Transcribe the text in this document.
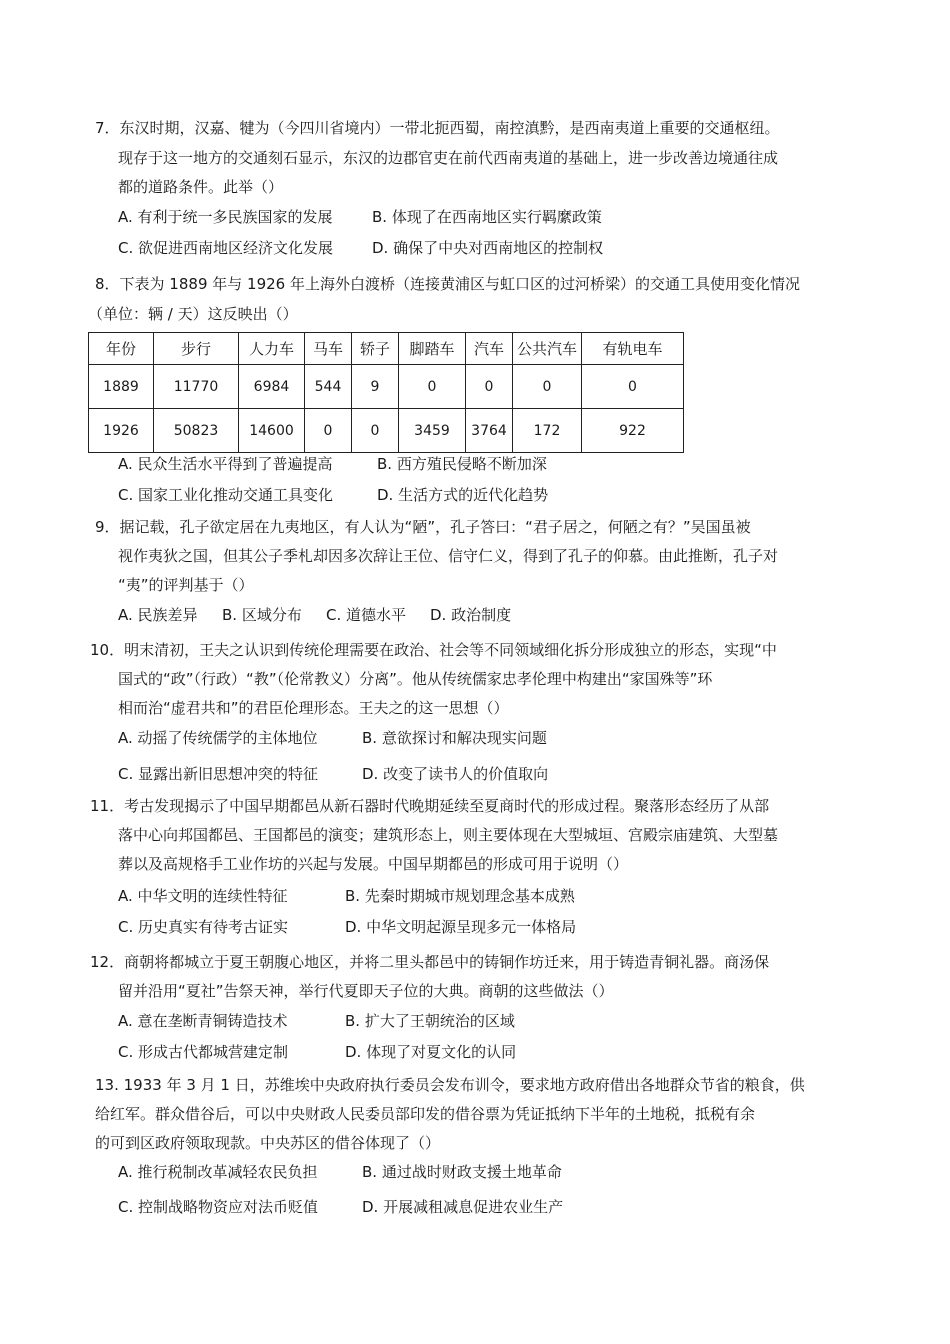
7．东汉时期，汉嘉、犍为（今四川省境内）一带北扼西蜀，南控滇黔，是西南夷道上重要的交通枢纽。
现存于这一地方的交通刻石显示，东汉的边郡官吏在前代西南夷道的基础上，进一步改善边境通往成
都的道路条件。此举（）
A. 有利于统一多民族国家的发展	B. 体现了在西南地区实行羁縻政策
C. 欲促进西南地区经济文化发展	D. 确保了中央对西南地区的控制权
8．下表为 1889 年与 1926 年上海外白渡桥（连接黄浦区与虹口区的过河桥梁）的交通工具使用变化情况
（单位：辆 / 天）这反映出（）
年份	步行	人力车	马车	轿子	脚踏车	汽车	公共汽车	有轨电车
1889	11770	6984	544	9	0	0	0	0
1926	50823	14600	0	0	3459	3764	172	922
A. 民众生活水平得到了普遍提高	B. 西方殖民侵略不断加深
C. 国家工业化推动交通工具变化	D. 生活方式的近代化趋势
9．据记载，孔子欲定居在九夷地区，有人认为“陋”，孔子答曰：“君子居之，何陋之有？”吴国虽被
视作夷狄之国，但其公子季札却因多次辞让王位、信守仁义，得到了孔子的仰慕。由此推断，孔子对
“夷”的评判基于（）
A. 民族差异 B. 区域分布 C. 道德水平 D. 政治制度
10．明末清初，王夫之认识到传统伦理需要在政治、社会等不同领域细化拆分形成独立的形态，实现“中
国式的“政”（行政）“教”（伦常教义）分离”。他从传统儒家忠孝伦理中构建出“家国殊等”环
相而治“虚君共和”的君臣伦理形态。王夫之的这一思想（）
A. 动摇了传统儒学的主体地位	B. 意欲探讨和解决现实问题
C. 显露出新旧思想冲突的特征	D. 改变了读书人的价值取向
11．考古发现揭示了中国早期都邑从新石器时代晚期延续至夏商时代的形成过程。聚落形态经历了从部
落中心向邦国都邑、王国都邑的演变；建筑形态上，则主要体现在大型城垣、宫殿宗庙建筑、大型墓
葬以及高规格手工业作坊的兴起与发展。中国早期都邑的形成可用于说明（）
A. 中华文明的连续性特征	B. 先秦时期城市规划理念基本成熟
C. 历史真实有待考古证实	D. 中华文明起源呈现多元一体格局
12．商朝将都城立于夏王朝腹心地区，并将二里头都邑中的铸铜作坊迁来，用于铸造青铜礼器。商汤保
留并沿用“夏社”告祭天神，举行代夏即天子位的大典。商朝的这些做法（）
A. 意在垄断青铜铸造技术	B. 扩大了王朝统治的区域
C. 形成古代都城营建定制	D. 体现了对夏文化的认同
13. 1933 年 3 月 1 日，苏维埃中央政府执行委员会发布训令，要求地方政府借出各地群众节省的粮食，供
给红军。群众借谷后，可以中央财政人民委员部印发的借谷票为凭证抵纳下半年的土地税，抵税有余
的可到区政府领取现款。中央苏区的借谷体现了（）
A. 推行税制改革减轻农民负担	B. 通过战时财政支援土地革命
C. 控制战略物资应对法币贬值	D. 开展减租减息促进农业生产
